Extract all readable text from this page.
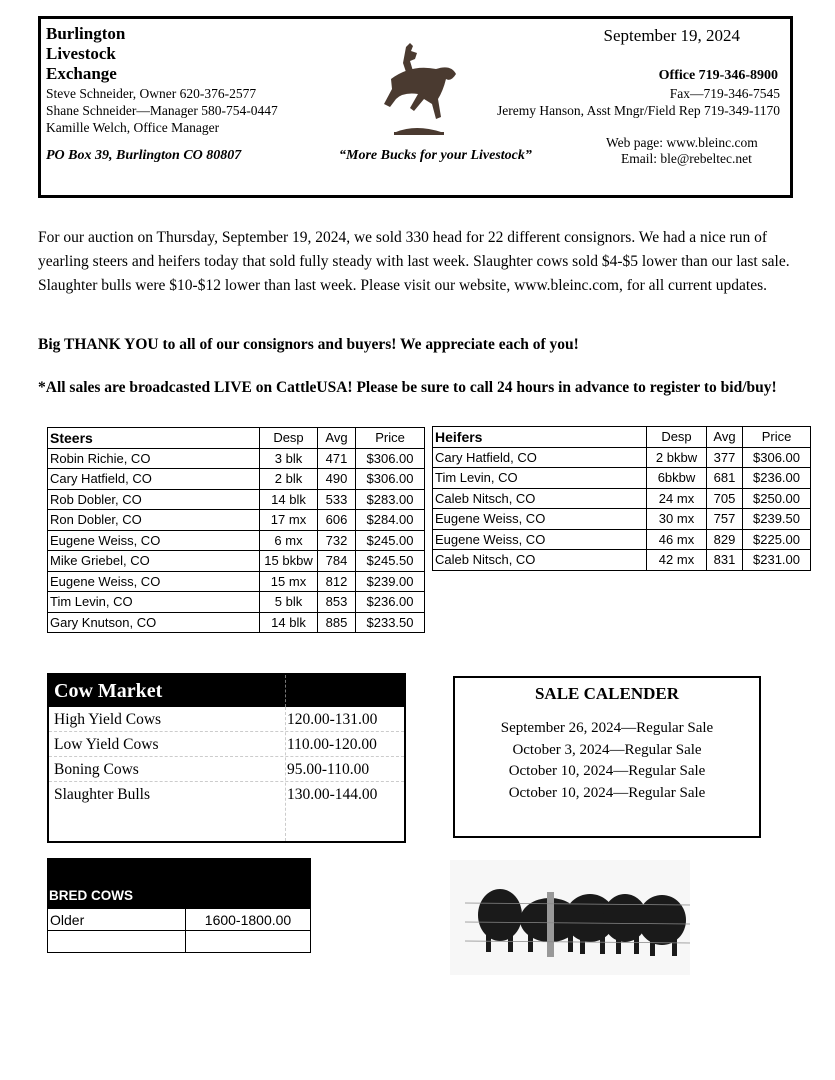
Burlington
Livestock
Exchange
Steve Schneider, Owner 620-376-2577
Shane Schneider—Manager 580-754-0447
Kamille Welch, Office Manager
PO Box 39, Burlington CO 80807	“More Bucks for your Livestock”
September 19, 2024
Office 719-346-8900
Fax—719-346-7545
Jeremy Hanson, Asst Mngr/Field Rep 719-349-1170
Web page: www.bleinc.com
Email: ble@rebeltec.net
For our auction on Thursday, September 19, 2024, we sold 330 head for 22 different consignors. We had a nice run of yearling steers and heifers today that sold fully steady with last week. Slaughter cows sold $4-$5 lower than our last sale. Slaughter bulls were $10-$12 lower than last week. Please visit our website, www.bleinc.com, for all current updates.
Big THANK YOU to all of our consignors and buyers! We appreciate each of you!
*All sales are broadcasted LIVE on CattleUSA! Please be sure to call 24 hours in advance to register to bid/buy!
Steers	Desp	Avg	Price
Robin Richie, CO	3 blk	471	$306.00
Cary Hatfield, CO	2 blk	490	$306.00
Rob Dobler, CO	14 blk	533	$283.00
Ron Dobler, CO	17 mx	606	$284.00
Eugene Weiss, CO	6 mx	732	$245.00
Mike Griebel, CO	15 bkbw	784	$245.50
Eugene Weiss, CO	15 mx	812	$239.00
Tim Levin, CO	5 blk	853	$236.00
Gary Knutson, CO	14 blk	885	$233.50
Heifers	Desp	Avg	Price
Cary Hatfield, CO	2 bkbw	377	$306.00
Tim Levin, CO	6bkbw	681	$236.00
Caleb Nitsch, CO	24 mx	705	$250.00
Eugene Weiss, CO	30 mx	757	$239.50
Eugene Weiss, CO	46 mx	829	$225.00
Caleb Nitsch, CO	42 mx	831	$231.00
Cow Market
High Yield Cows	120.00-131.00
Low Yield Cows	110.00-120.00
Boning Cows	95.00-110.00
Slaughter Bulls	130.00-144.00
SALE CALENDER
September 26, 2024—Regular Sale
October 3, 2024—Regular Sale
October 10, 2024—Regular Sale
October 10, 2024—Regular Sale
BRED COWS
Older	1600-1800.00
